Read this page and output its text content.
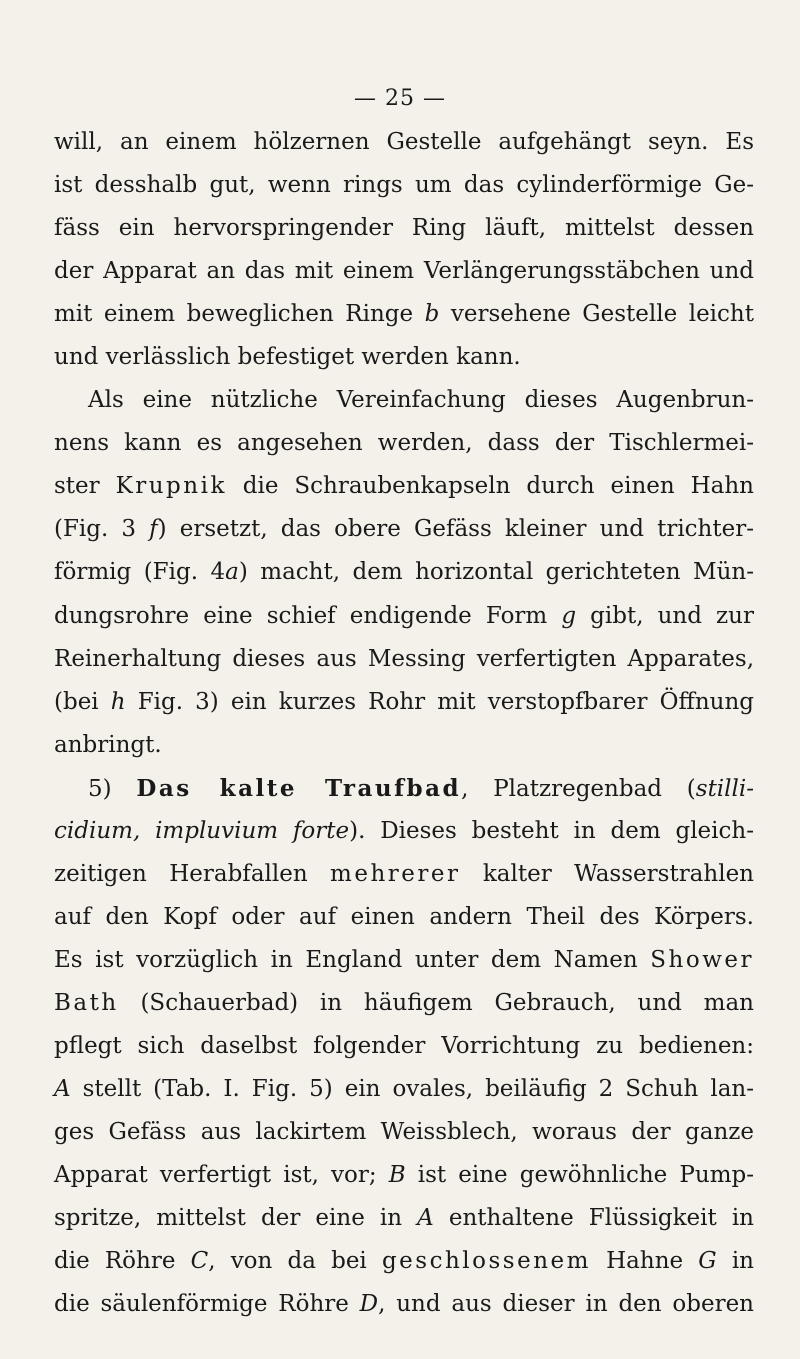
— 25 —
will, an einem hölzernen Gestelle aufgehängt seyn. Es
ist desshalb gut, wenn rings um das cylinderförmige Ge-
fäss ein hervorspringender Ring läuft, mittelst dessen
der Apparat an das mit einem Verlängerungsstäbchen und
mit einem beweglichen Ringe b versehene Gestelle leicht
und verlässlich befestiget werden kann.
Als eine nützliche Vereinfachung dieses Augenbrun-
nens kann es angesehen werden, dass der Tischlermei-
ster Krupnik die Schraubenkapseln durch einen Hahn
(Fig. 3 f) ersetzt, das obere Gefäss kleiner und trichter-
förmig (Fig. 4a) macht, dem horizontal gerichteten Mün-
dungsrohre eine schief endigende Form g gibt, und zur
Reinerhaltung dieses aus Messing verfertigten Apparates,
(bei h Fig. 3) ein kurzes Rohr mit verstopfbarer Öffnung
anbringt.
5) Das kalte Traufbad, Platzregenbad (stilli-
cidium, impluvium forte). Dieses besteht in dem gleich-
zeitigen Herabfallen mehrerer kalter Wasserstrahlen
auf den Kopf oder auf einen andern Theil des Körpers.
Es ist vorzüglich in England unter dem Namen Shower
Bath (Schauerbad) in häufigem Gebrauch, und man
pflegt sich daselbst folgender Vorrichtung zu bedienen:
A stellt (Tab. I. Fig. 5) ein ovales, beiläufig 2 Schuh lan-
ges Gefäss aus lackirtem Weissblech, woraus der ganze
Apparat verfertigt ist, vor; B ist eine gewöhnliche Pump-
spritze, mittelst der eine in A enthaltene Flüssigkeit in
die Röhre C, von da bei geschlossenem Hahne G in
die säulenförmige Röhre D, und aus dieser in den oberen
